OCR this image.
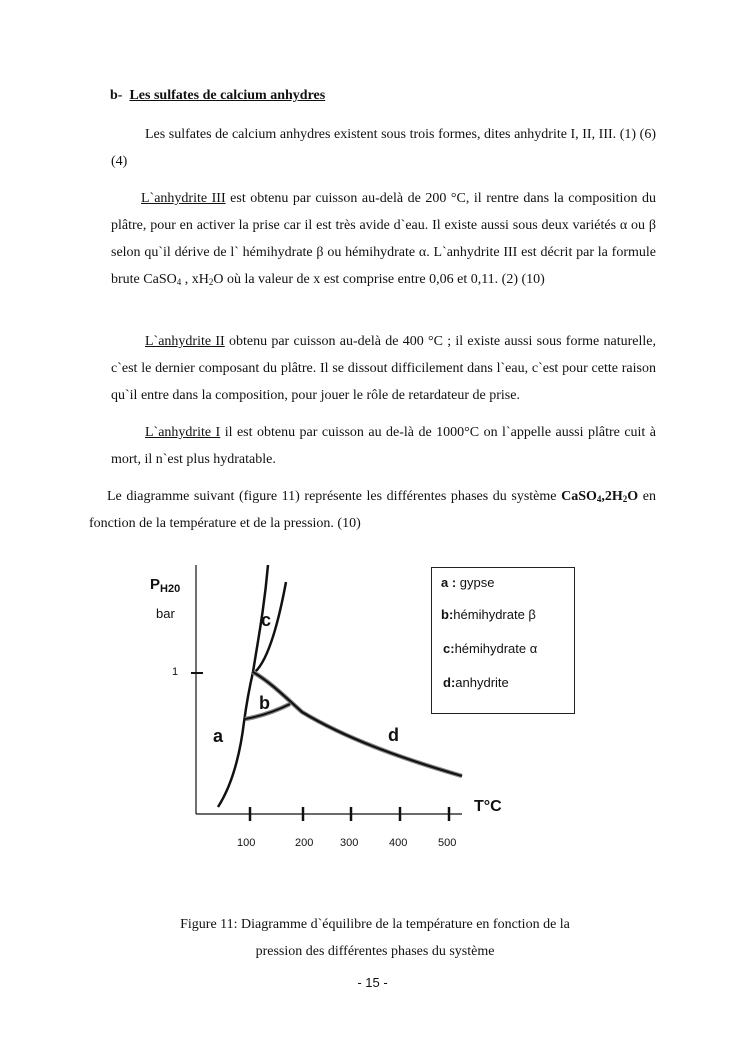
b- Les sulfates de calcium anhydres
Les sulfates de calcium anhydres existent sous trois formes, dites anhydrite I, II, III. (1) (6) (4)
L`anhydrite III est obtenu par cuisson au-delà de 200 °C, il rentre dans la composition du plâtre, pour en activer la prise car il est très avide d`eau. Il existe aussi sous deux variétés α ou β selon qu`il dérive de l` hémihydrate β ou hémihydrate α. L`anhydrite III est décrit par la formule brute CaSO$_4$ , $xH_2O$ où la valeur de x est comprise entre 0,06 et 0,11. (2) (10)
L`anhydrite II obtenu par cuisson au-delà de 400 °C ; il existe aussi sous forme naturelle, c`est le dernier composant du plâtre. Il se dissout difficilement dans l`eau, c`est pour cette raison qu`il entre dans la composition, pour jouer le rôle de retardateur de prise.
L`anhydrite I il est obtenu par cuisson au de-là de 1000°C on l`appelle aussi plâtre cuit à mort, il n`est plus hydratable.
Le diagramme suivant (figure 11) représente les différentes phases du système $CaSO_4,2H_2O$ en fonction de la température et de la pression. (10)
$P_{H20}$
bar
1
a
b
c
d
T°C
100	200 300	400	500
a : gypse
b:hémihydrate β
c:hémihydrate α
d:anhydrite
Figure 11: Diagramme d`équilibre de la température en fonction de la
pression des différentes phases du système
- 15 -
